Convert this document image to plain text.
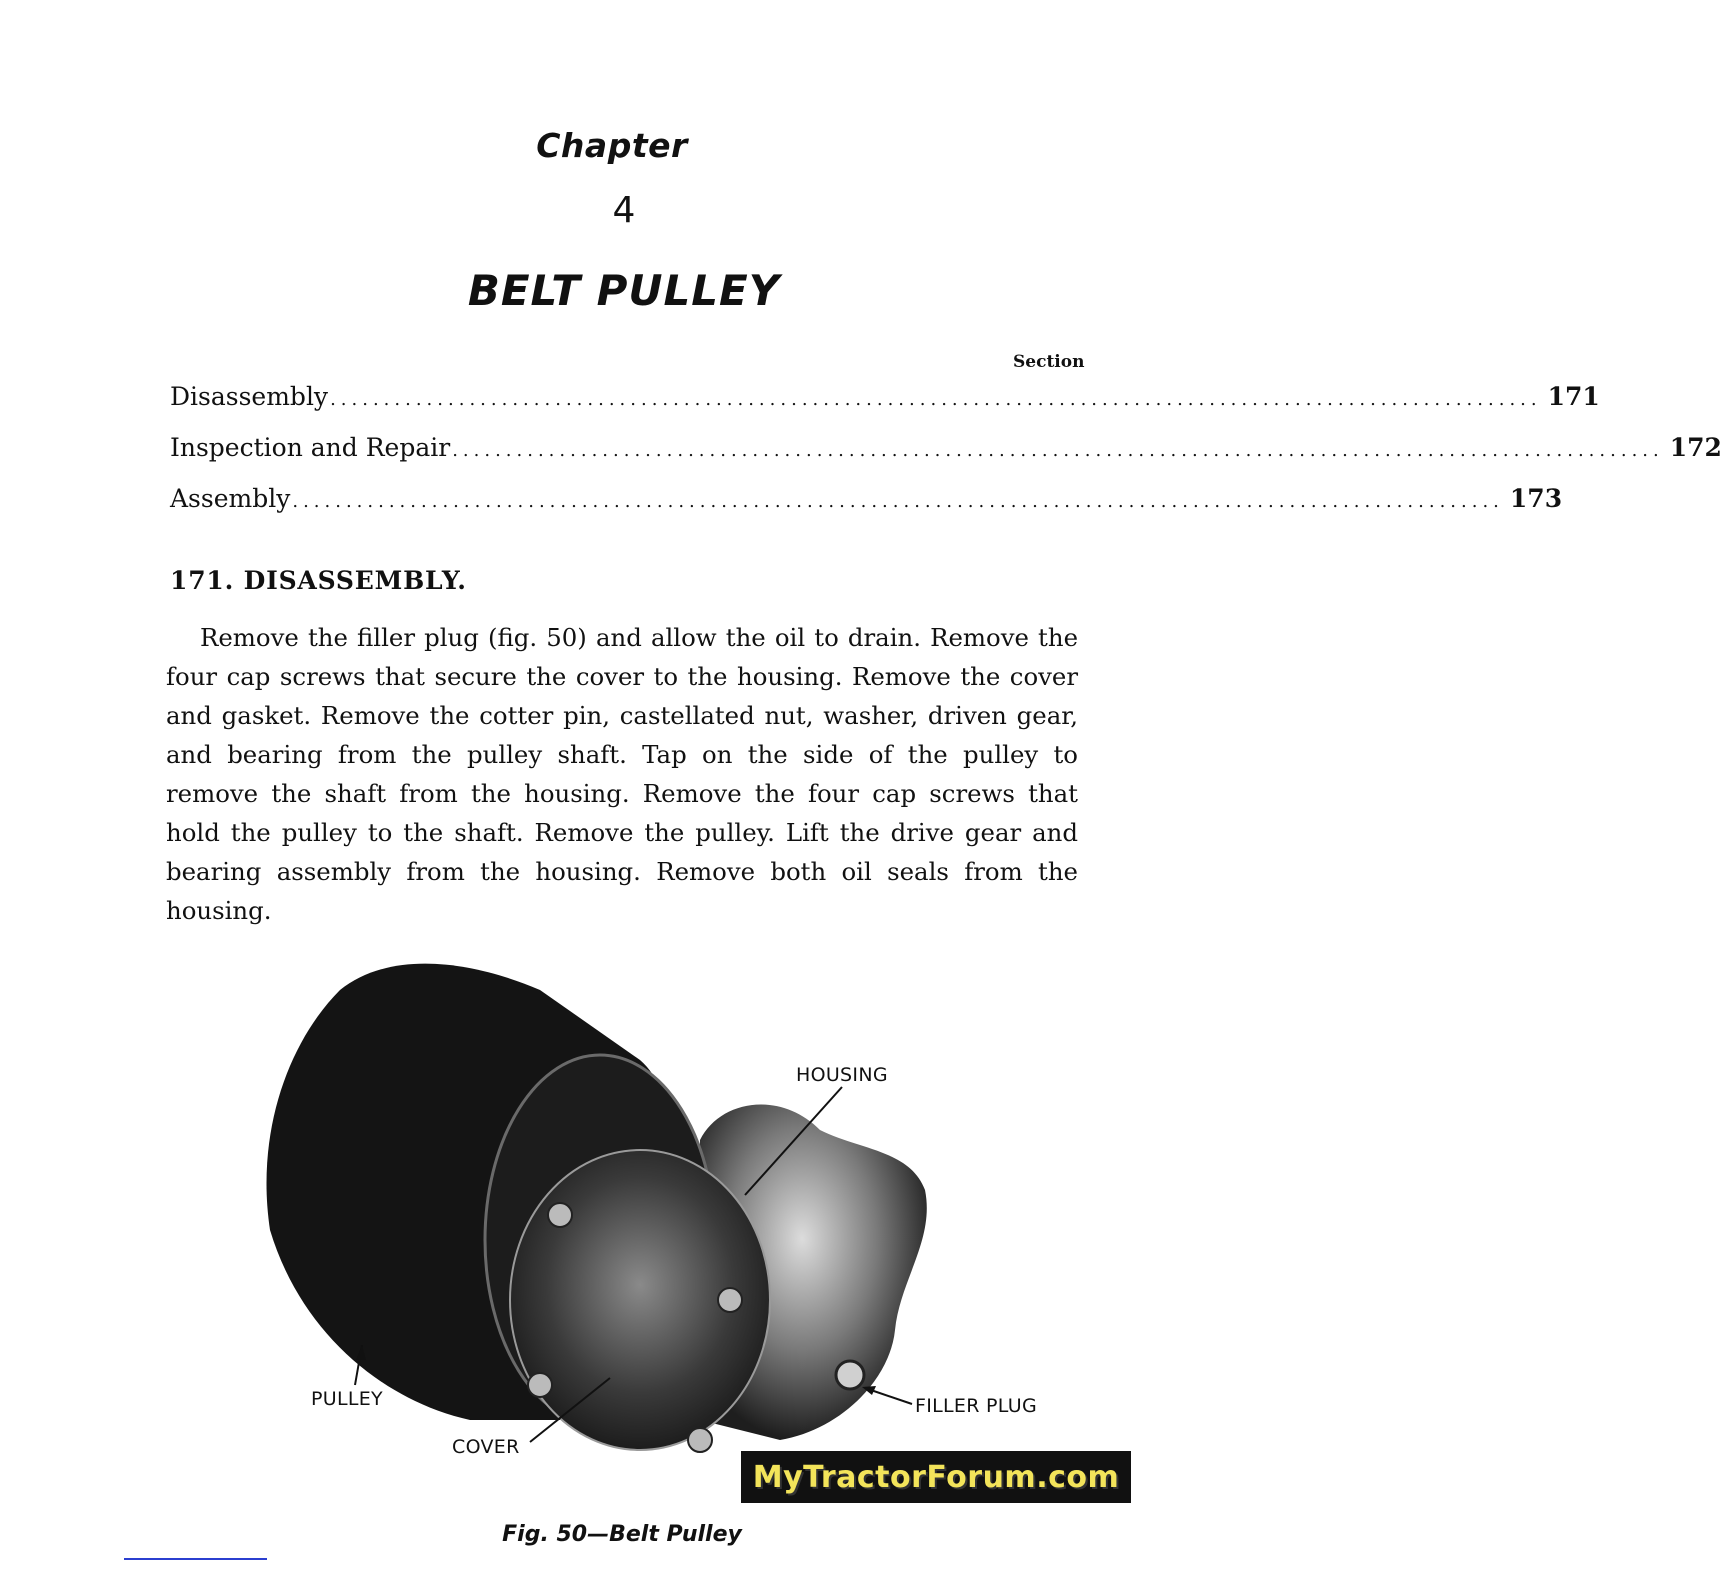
Chapter
4
BELT PULLEY
Section
Disassembly ................................................................................................................. 171
Inspection and Repair ................................................................................................................. 172
Assembly ................................................................................................................. 173
171. DISASSEMBLY.
Remove the filler plug (fig. 50) and allow the oil to drain. Remove the four cap screws that secure the cover to the housing. Remove the cover and gasket. Remove the cotter pin, castellated nut, washer, driven gear, and bearing from the pulley shaft. Tap on the side of the pulley to remove the shaft from the housing. Remove the four cap screws that hold the pulley to the shaft. Remove the pulley. Lift the drive gear and bearing assembly from the housing. Remove both oil seals from the housing.
HOUSING
PULLEY
COVER
FILLER PLUG
MyTractorForum.com
Fig. 50—Belt Pulley
